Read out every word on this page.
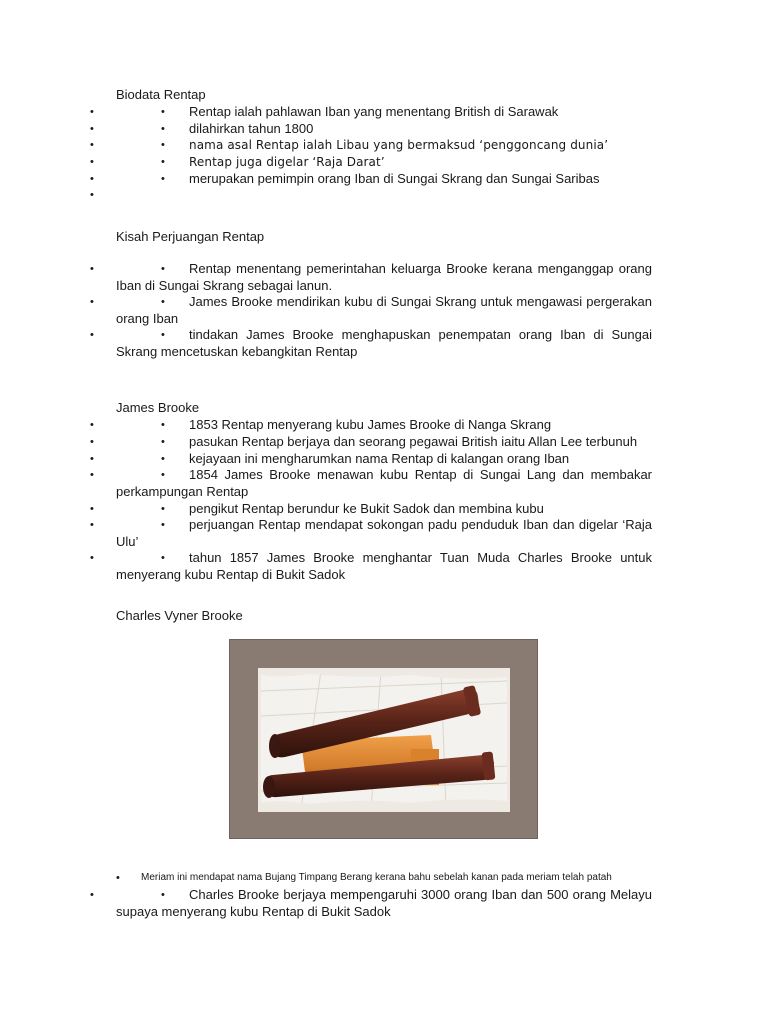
Biodata Rentap
•	• Rentap ialah pahlawan Iban yang menentang British di Sarawak
•	• dilahirkan tahun 1800
•	• nama asal Rentap ialah Libau yang bermaksud ‘penggoncang dunia’
•	• Rentap juga digelar ‘Raja Darat’
•	• merupakan pemimpin orang Iban di Sungai Skrang dan Sungai Saribas
•
Kisah Perjuangan Rentap
•	•	Rentap menentang pemerintahan keluarga Brooke kerana menganggap orang Iban di Sungai Skrang sebagai lanun.
•	•	James Brooke mendirikan kubu di Sungai Skrang untuk mengawasi pergerakan orang Iban
•	•	tindakan James Brooke menghapuskan penempatan orang Iban di Sungai Skrang mencetuskan kebangkitan Rentap
James Brooke
•	•	1853 Rentap menyerang kubu James Brooke di Nanga Skrang
•	•	pasukan Rentap berjaya dan seorang pegawai British iaitu Allan Lee terbunuh
•	•	kejayaan ini mengharumkan nama Rentap di kalangan orang Iban
•	•	1854 James Brooke menawan kubu Rentap di Sungai Lang dan membakar perkampungan Rentap
•	•	pengikut Rentap berundur ke Bukit Sadok dan membina kubu
•	•	perjuangan Rentap mendapat sokongan padu penduduk Iban dan digelar ‘Raja Ulu’
•	•	tahun 1857 James Brooke menghantar Tuan Muda Charles Brooke untuk menyerang kubu Rentap di Bukit Sadok
Charles Vyner Brooke
• Meriam ini mendapat nama Bujang Timpang Berang kerana bahu sebelah kanan pada meriam telah patah
•	•	Charles Brooke berjaya mempengaruhi 3000 orang Iban dan 500 orang Melayu supaya menyerang kubu Rentap di Bukit Sadok
